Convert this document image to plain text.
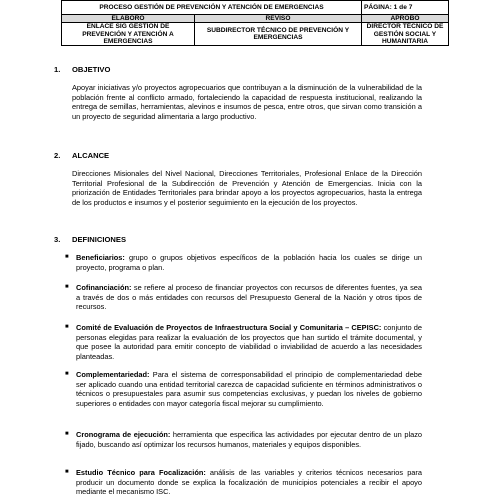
PROCESO GESTIÓN DE PREVENCIÓN Y ATENCIÓN DE EMERGENCIAS		PÁGINA: 1 de 7
ELABORÓ	REVISÓ	APROBÓ
ENLACE SIG GESTIÓN DE PREVENCIÓN Y ATENCIÓN A EMERGENCIAS	SUBDIRECTOR TÉCNICO DE PREVENCIÓN Y EMERGENCIAS	DIRECTOR TÉCNICO DE GESTIÓN SOCIAL Y HUMANITARIA
1. OBJETIVO
Apoyar iniciativas y/o proyectos agropecuarios que contribuyan a la disminución de la vulnerabilidad de la población frente al conflicto armado, fortaleciendo la capacidad de respuesta institucional, realizando la entrega de semillas, herramientas, alevinos e insumos de pesca, entre otros, que sirvan como transición a un proyecto de seguridad alimentaria a largo productivo.
2. ALCANCE
Direcciones Misionales del Nivel Nacional, Direcciones Territoriales, Profesional Enlace de la Dirección Territorial Profesional de la Subdirección de Prevención y Atención de Emergencias. Inicia con la priorización de Entidades Territoriales para brindar apoyo a los proyectos agropecuarios, hasta la entrega de los productos e insumos y el posterior seguimiento en la ejecución de los proyectos.
3. DEFINICIONES
■ Beneficiarios: grupo o grupos objetivos específicos de la población hacia los cuales se dirige un proyecto, programa o plan.
■ Cofinanciación: se refiere al proceso de financiar proyectos con recursos de diferentes fuentes, ya sea a través de dos o más entidades con recursos del Presupuesto General de la Nación y otros tipos de recursos.
■ Comité de Evaluación de Proyectos de Infraestructura Social y Comunitaria – CEPISC: conjunto de personas elegidas para realizar la evaluación de los proyectos que han surtido el trámite documental, y que posee la autoridad para emitir concepto de viabilidad o inviabilidad de acuerdo a las necesidades planteadas.
■ Complementariedad: Para el sistema de corresponsabilidad el principio de complementariedad debe ser aplicado cuando una entidad territorial carezca de capacidad suficiente en términos administrativos o técnicos o presupuestales para asumir sus competencias exclusivas, y puedan los niveles de gobierno superiores o entidades con mayor categoría fiscal mejorar su cumplimiento.
■ Cronograma de ejecución: herramienta que especifica las actividades por ejecutar dentro de un plazo fijado, buscando así optimizar los recursos humanos, materiales y equipos disponibles.
■ Estudio Técnico para Focalización: análisis de las variables y criterios técnicos necesarios para producir un documento donde se explica la focalización de municipios potenciales a recibir el apoyo mediante el mecanismo ISC.
